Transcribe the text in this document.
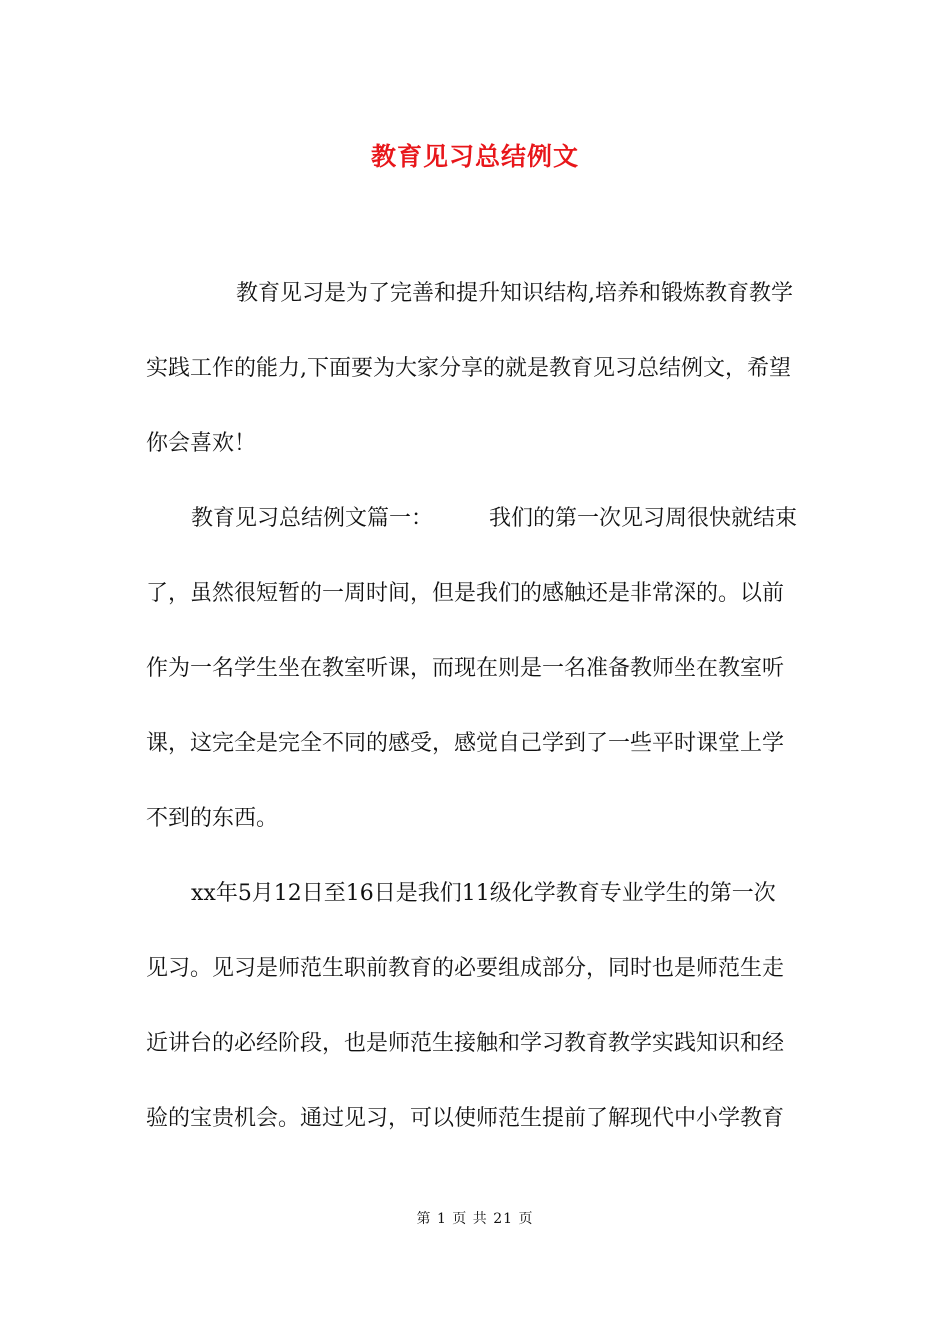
教育见习总结例文
教育见习是为了完善和提升知识结构,培养和锻炼教育教学
实践工作的能力,下面要为大家分享的就是教育见习总结例文，希望
你会喜欢！
教育见习总结例文篇一：        我们的第一次见习周很快就结束
了，虽然很短暂的一周时间，但是我们的感触还是非常深的。以前
作为一名学生坐在教室听课，而现在则是一名准备教师坐在教室听
课，这完全是完全不同的感受，感觉自己学到了一些平时课堂上学
不到的东西。
xx年5月12日至16日是我们11级化学教育专业学生的第一次
见习。见习是师范生职前教育的必要组成部分，同时也是师范生走
近讲台的必经阶段，也是师范生接触和学习教育教学实践知识和经
验的宝贵机会。通过见习，可以使师范生提前了解现代中小学教育
第 1 页 共 21 页
